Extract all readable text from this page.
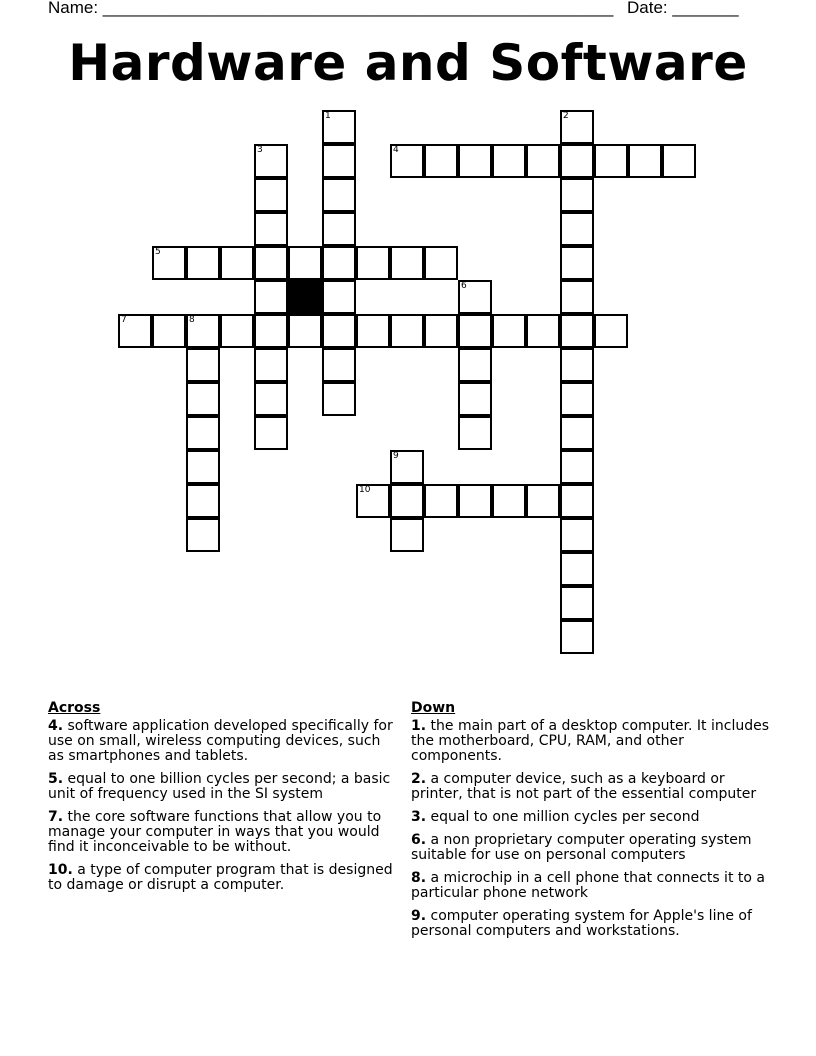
Name: ______________________________________________________ Date: _______
Hardware and Software
1	2
3	4
5
6
7	8
9
10
Across
4. software application developed specifically for use on small, wireless computing devices, such as smartphones and tablets.
5. equal to one billion cycles per second; a basic unit of frequency used in the SI system
7. the core software functions that allow you to manage your computer in ways that you would find it inconceivable to be without.
10. a type of computer program that is designed to damage or disrupt a computer.
Down
1. the main part of a desktop computer. It includes the motherboard, CPU, RAM, and other components.
2. a computer device, such as a keyboard or printer, that is not part of the essential computer
3. equal to one million cycles per second
6. a non proprietary computer operating system suitable for use on personal computers
8. a microchip in a cell phone that connects it to a particular phone network
9. computer operating system for Apple's line of personal computers and workstations.
